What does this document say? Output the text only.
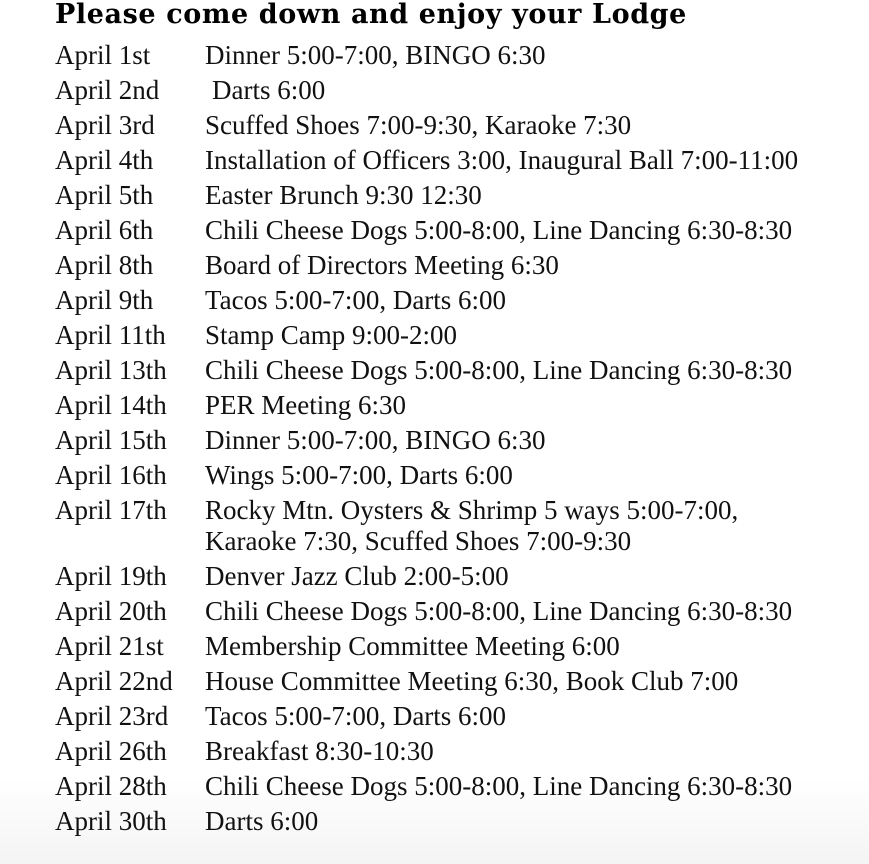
Please come down and enjoy your Lodge
April 1st	Dinner 5:00-7:00, BINGO 6:30
April 2nd	Darts 6:00
April 3rd	Scuffed Shoes 7:00-9:30, Karaoke 7:30
April 4th	Installation of Officers 3:00, Inaugural Ball 7:00-11:00
April 5th	Easter Brunch 9:30 12:30
April 6th	Chili Cheese Dogs 5:00-8:00, Line Dancing 6:30-8:30
April 8th	Board of Directors Meeting 6:30
April 9th	Tacos 5:00-7:00, Darts 6:00
April 11th	Stamp Camp 9:00-2:00
April 13th	Chili Cheese Dogs 5:00-8:00, Line Dancing 6:30-8:30
April 14th	PER Meeting 6:30
April 15th	Dinner 5:00-7:00, BINGO 6:30
April 16th	Wings 5:00-7:00, Darts 6:00
April 17th	Rocky Mtn. Oysters & Shrimp 5 ways 5:00-7:00,
Karaoke 7:30, Scuffed Shoes 7:00-9:30
April 19th	Denver Jazz Club 2:00-5:00
April 20th	Chili Cheese Dogs 5:00-8:00, Line Dancing 6:30-8:30
April 21st	Membership Committee Meeting 6:00
April 22nd	House Committee Meeting 6:30, Book Club 7:00
April 23rd	Tacos 5:00-7:00, Darts 6:00
April 26th	Breakfast 8:30-10:30
April 28th	Chili Cheese Dogs 5:00-8:00, Line Dancing 6:30-8:30
April 30th	Darts 6:00
